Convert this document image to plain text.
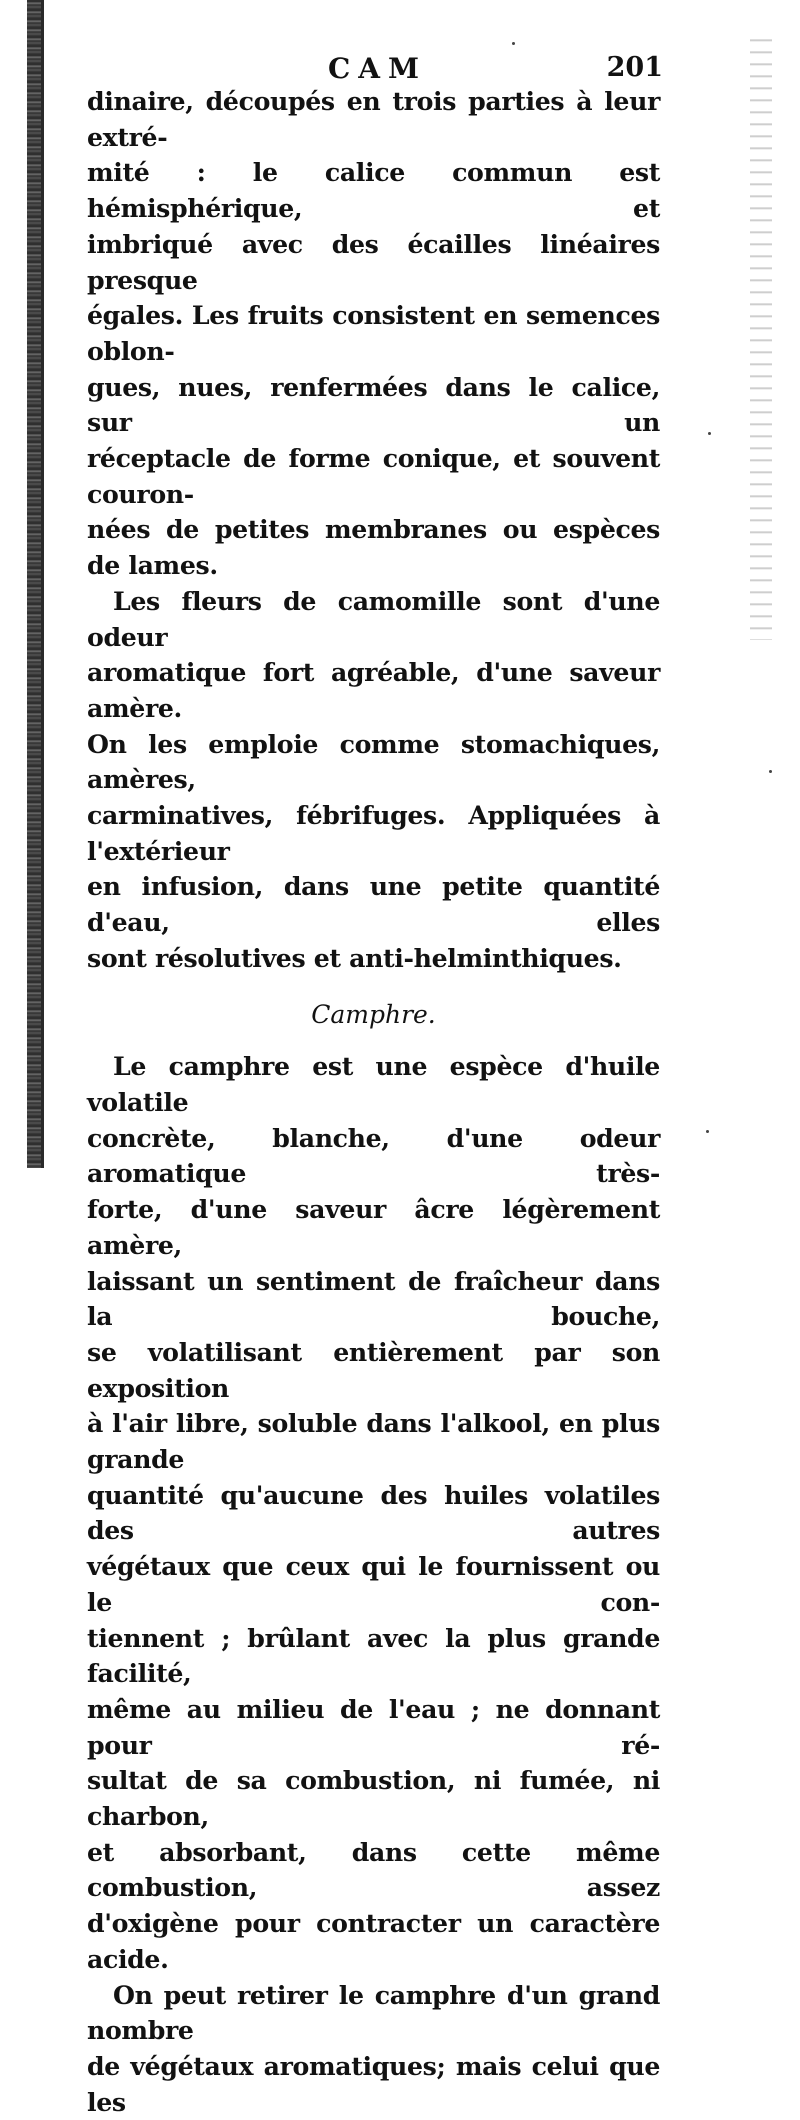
CAM	201
dinaire, découpés en trois parties à leur extré-
mité : le calice commun est hémisphérique, et
imbriqué avec des écailles linéaires presque
égales. Les fruits consistent en semences oblon-
gues, nues, renfermées dans le calice, sur un
réceptacle de forme conique, et souvent couron-
nées de petites membranes ou espèces de lames.
Les fleurs de camomille sont d'une odeur
aromatique fort agréable, d'une saveur amère.
On les emploie comme stomachiques, amères,
carminatives, fébrifuges. Appliquées à l'extérieur
en infusion, dans une petite quantité d'eau, elles
sont résolutives et anti-helminthiques.
Camphre.
Le camphre est une espèce d'huile volatile
concrète, blanche, d'une odeur aromatique très-
forte, d'une saveur âcre légèrement amère,
laissant un sentiment de fraîcheur dans la bouche,
se volatilisant entièrement par son exposition
à l'air libre, soluble dans l'alkool, en plus grande
quantité qu'aucune des huiles volatiles des autres
végétaux que ceux qui le fournissent ou le con-
tiennent ; brûlant avec la plus grande facilité,
même au milieu de l'eau ; ne donnant pour ré-
sultat de sa combustion, ni fumée, ni charbon,
et absorbant, dans cette même combustion, assez
d'oxigène pour contracter un caractère acide.
On peut retirer le camphre d'un grand nombre
de végétaux aromatiques; mais celui que les
